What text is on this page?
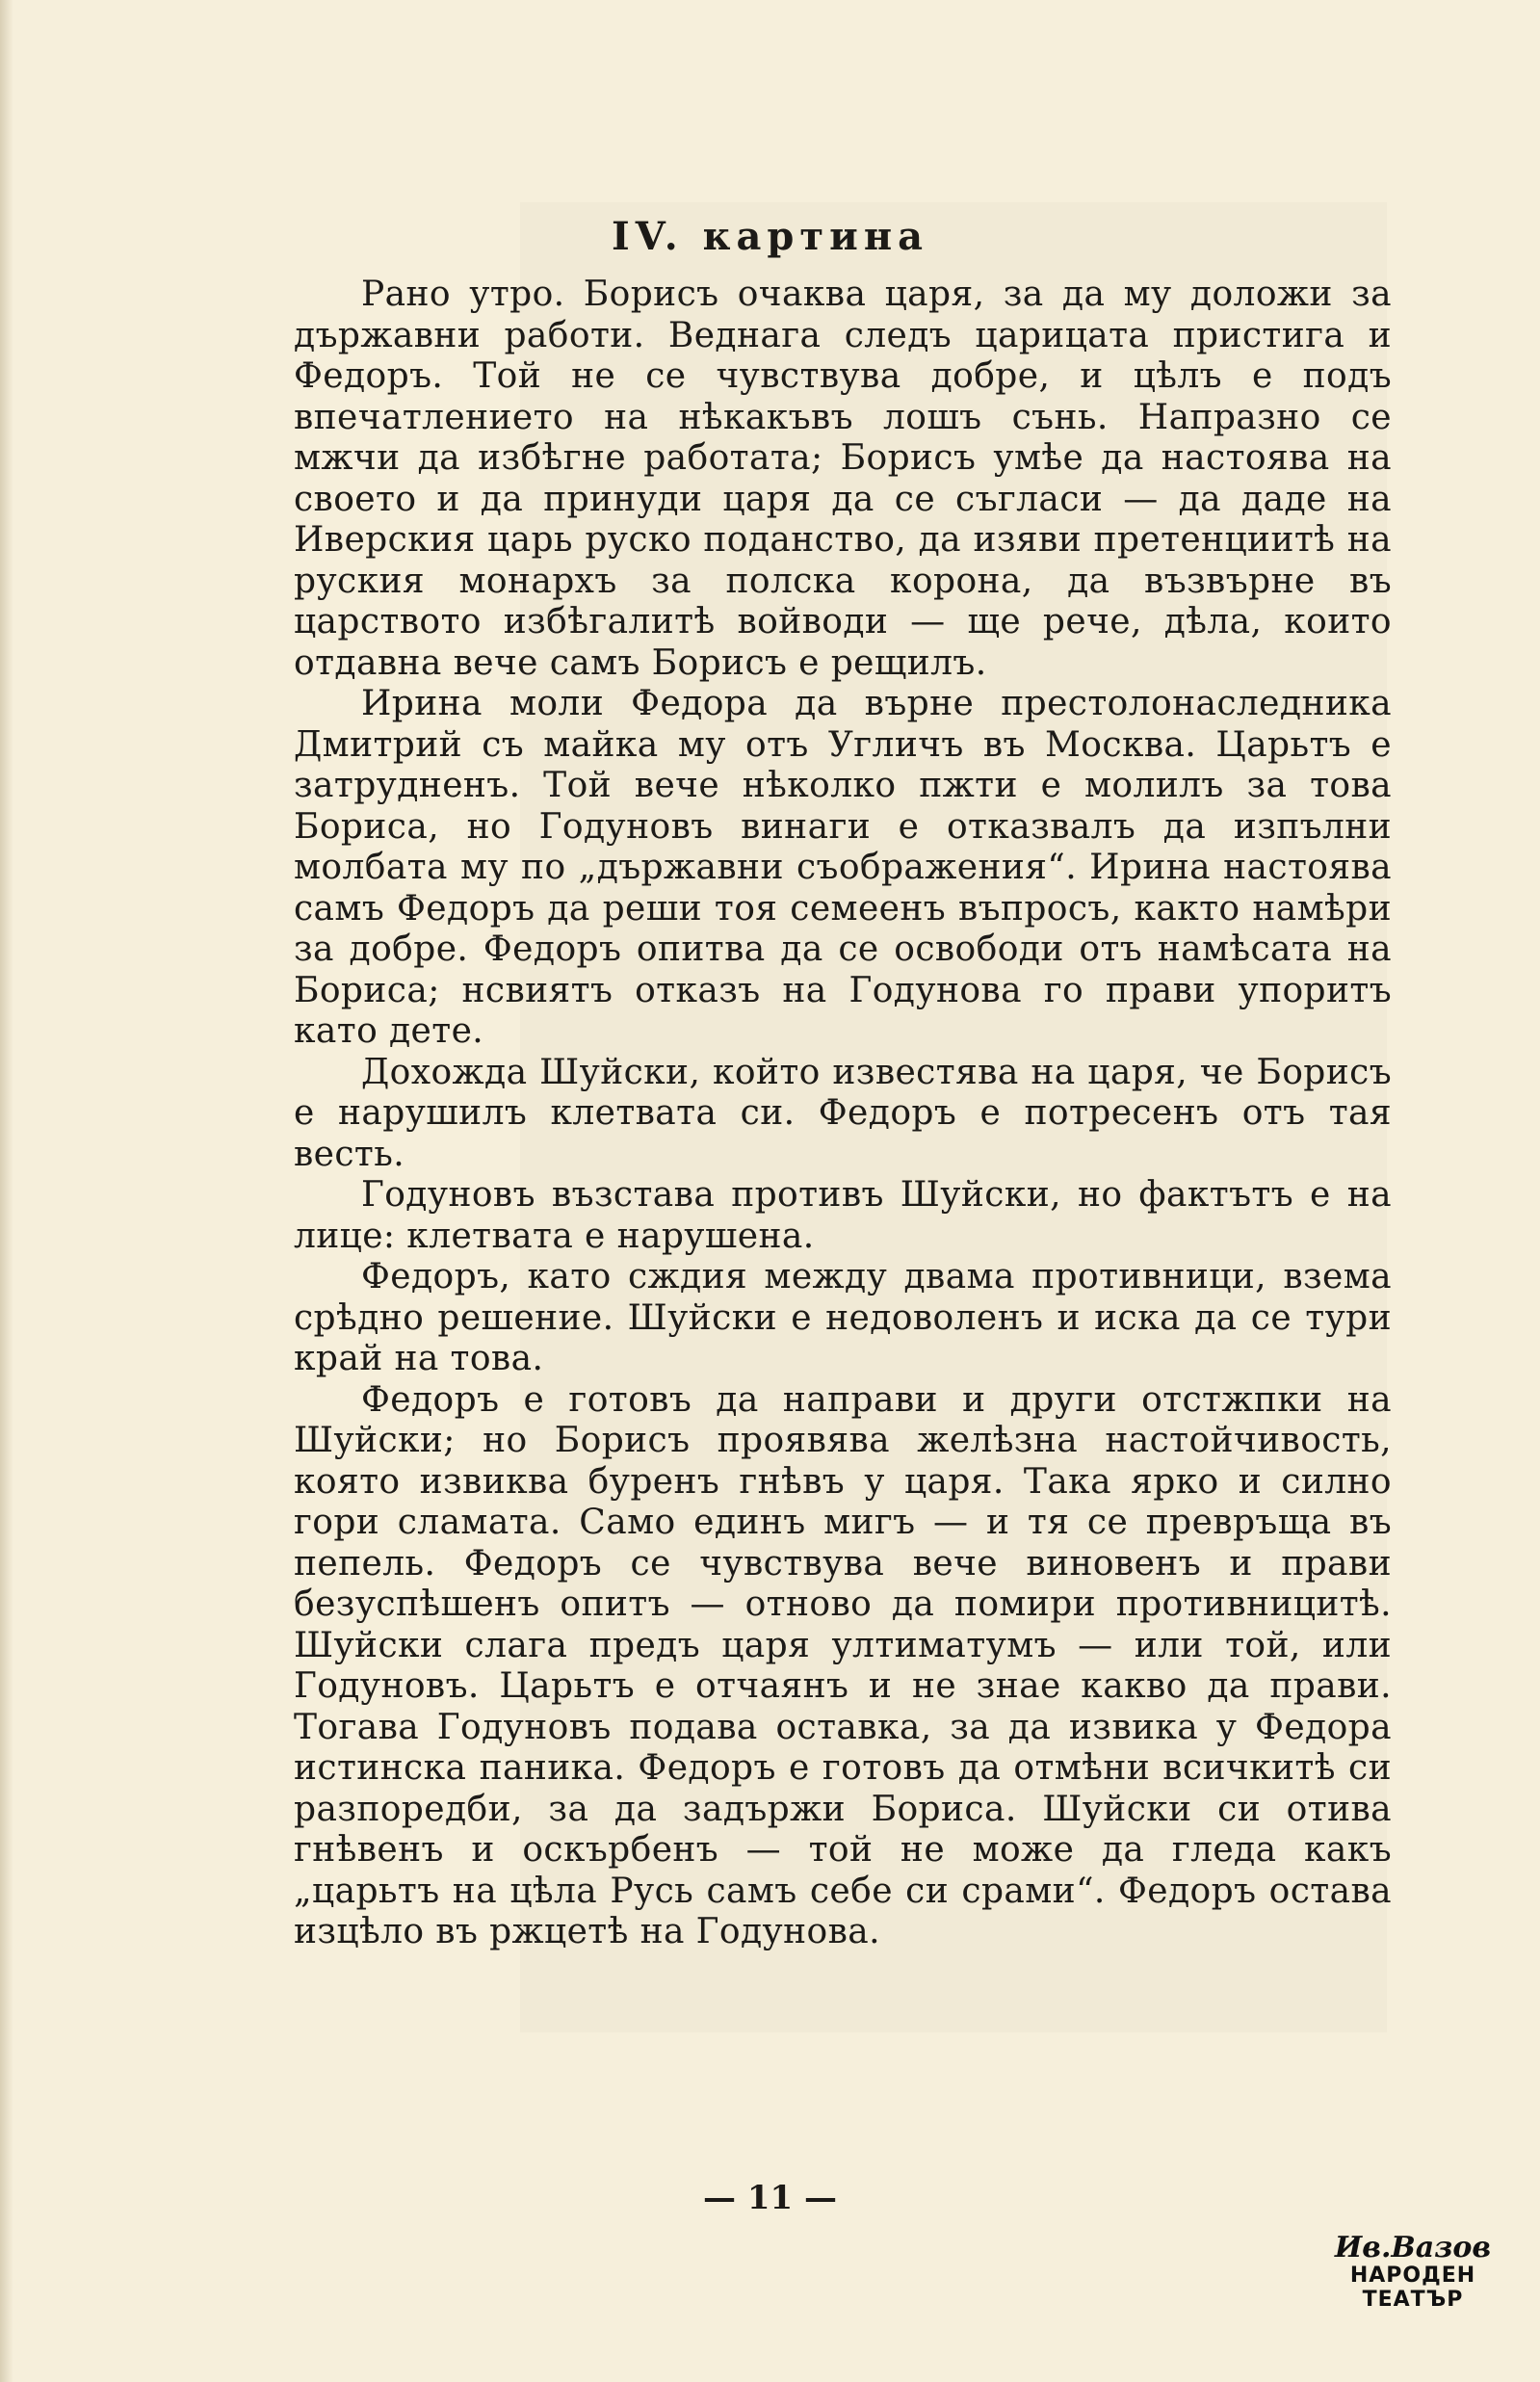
IV. картина

Рано утро. Борисъ очаква царя, за да му доложи за държавни работи. Веднага следъ царицата пристига и Федоръ. Той не се чувствува добре, и цѣлъ е подъ впечатлението на нѣкакъвъ лошъ сънь. Напразно се мжчи да избѣгне работата; Борисъ умѣе да настоява на своето и да принуди царя да се съгласи — да даде на Иверския царь руско поданство, да изяви претенциитѣ на руския монархъ за полска корона, да възвърне въ царството избѣгалитѣ войводи — ще рече, дѣла, които отдавна вече самъ Борисъ е рещилъ.

Ирина моли Федора да върне престолонаследника Дмитрий съ майка му отъ Угличъ въ Москва. Царьтъ е затрудненъ. Той вече нѣколко пжти е молилъ за това Бориса, но Годуновъ винаги е отказвалъ да изпълни молбата му по „държавни съображения“. Ирина настоява самъ Федоръ да реши тоя семеенъ въпросъ, както намѣри за добре. Федоръ опитва да се освободи отъ намѣсата на Бориса; нсвиятъ отказъ на Годунова го прави упоритъ като дете.

Дохожда Шуйски, който известява на царя, че Борисъ е нарушилъ клетвата си. Федоръ е потресенъ отъ тая весть.

Годуновъ възстава противъ Шуйски, но фактътъ е на лице: клетвата е нарушена.

Федоръ, като сждия между двама противници, взема срѣдно решение. Шуйски е недоволенъ и иска да се тури край на това.

Федоръ е готовъ да направи и други отстжпки на Шуйски; но Борисъ проявява желѣзна настойчивость, която извиква буренъ гнѣвъ у царя. Така ярко и силно гори сламата. Само единъ мигъ — и тя се превръща въ пепель. Федоръ се чувствува вече виновенъ и прави безуспѣшенъ опитъ — отново да помири противницитѣ. Шуйски слага предъ царя ултиматумъ — или той, или Годуновъ. Царьтъ е отчаянъ и не знае какво да прави. Тогава Годуновъ подава оставка, за да извика у Федора истинска паника. Федоръ е готовъ да отмѣни всичкитѣ си разпоредби, за да задържи Бориса. Шуйски си отива гнѣвенъ и оскърбенъ — той не може да гледа какъ „царьтъ на цѣла Русь самъ себе си срами“. Федоръ остава изцѣло въ ржцетѣ на Годунова.

— 11 —
Ив.Вазов
НАРОДЕН
ТЕАТЪР
